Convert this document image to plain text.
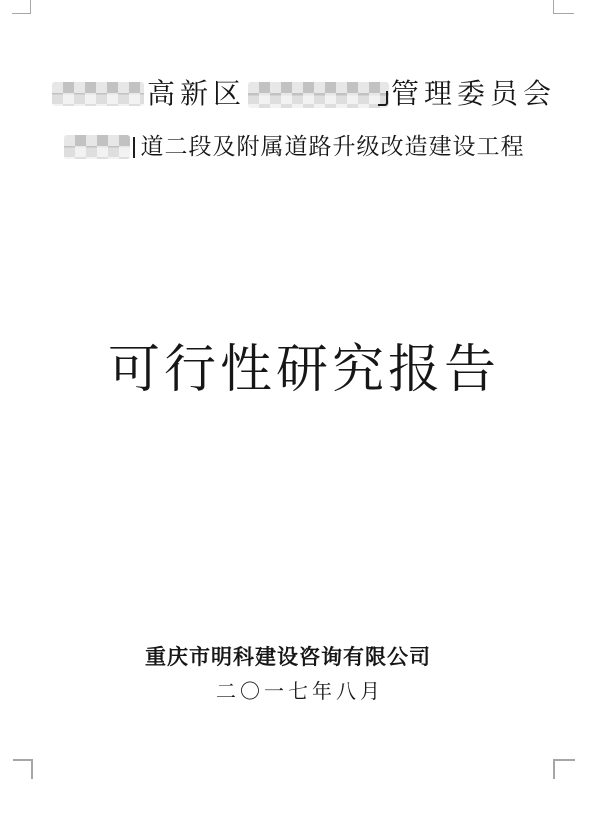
高新区	管理委员会
道二段及附属道路升级改造建设工程
可行性研究报告
重庆市明科建设咨询有限公司
二〇一七年八月
